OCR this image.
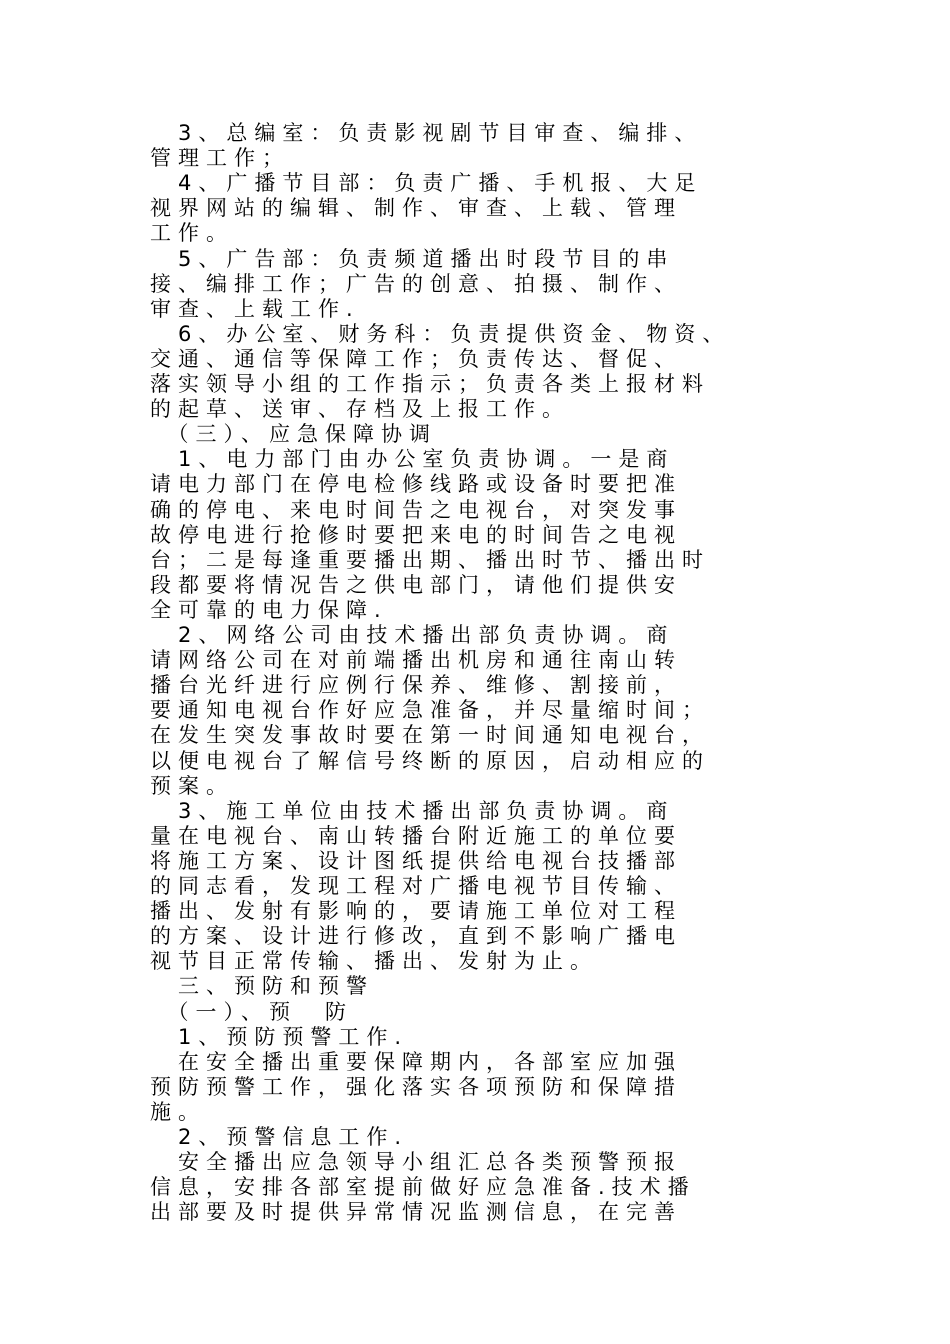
　3、总编室：负责影视剧节目审查、编排、
管理工作；
　4、广播节目部：负责广播、手机报、大足
视界网站的编辑、制作、审查、上载、管理
工作。
　5、广告部：负责频道播出时段节目的串
接、编排工作；广告的创意、拍摄、制作、
审查、上载工作.
　6、办公室、财务科：负责提供资金、物资、
交通、通信等保障工作；负责传达、督促、
落实领导小组的工作指示；负责各类上报材料
的起草、送审、存档及上报工作。
　（三）、应急保障协调
　1、电力部门由办公室负责协调。一是商
请电力部门在停电检修线路或设备时要把准
确的停电、来电时间告之电视台，对突发事
故停电进行抢修时要把来电的时间告之电视
台；二是每逢重要播出期、播出时节、播出时
段都要将情况告之供电部门，请他们提供安
全可靠的电力保障.
　2、网络公司由技术播出部负责协调。商
请网络公司在对前端播出机房和通往南山转
播台光纤进行应例行保养、维修、割接前，
要通知电视台作好应急准备，并尽量缩时间；
在发生突发事故时要在第一时间通知电视台，
以便电视台了解信号终断的原因，启动相应的
预案。
　3、施工单位由技术播出部负责协调。商
量在电视台、南山转播台附近施工的单位要
将施工方案、设计图纸提供给电视台技播部
的同志看，发现工程对广播电视节目传输、
播出、发射有影响的，要请施工单位对工程
的方案、设计进行修改，直到不影响广播电
视节目正常传输、播出、发射为止。
　三、预防和预警
　（一）、预　防
　1、预防预警工作.
　在安全播出重要保障期内，各部室应加强
预防预警工作，强化落实各项预防和保障措
施。
　2、预警信息工作.
　安全播出应急领导小组汇总各类预警预报
信息，安排各部室提前做好应急准备.技术播
出部要及时提供异常情况监测信息，在完善
